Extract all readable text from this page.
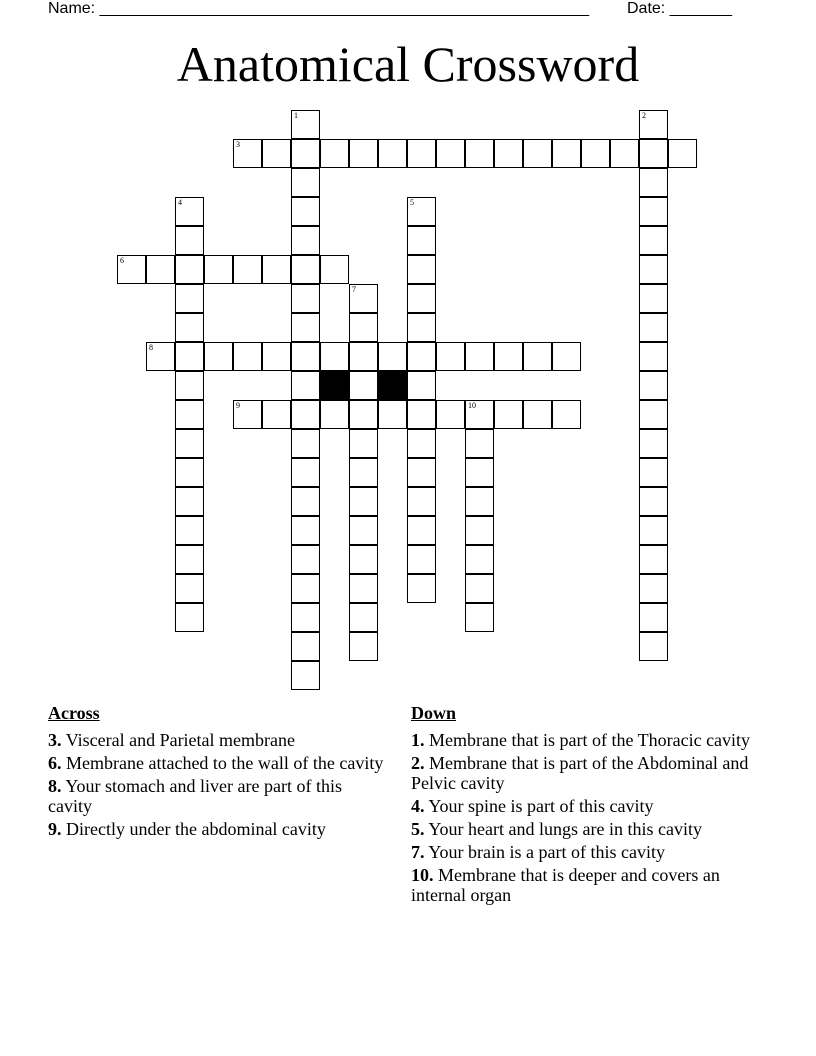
Name: _______________________________________________________ Date: _______
Anatomical Crossword
3
6
8
9	10
1	2
4	5
7
Across
3. Visceral and Parietal membrane
6. Membrane attached to the wall of the cavity
8. Your stomach and liver are part of this cavity
9. Directly under the abdominal cavity
Down
1. Membrane that is part of the Thoracic cavity
2. Membrane that is part of the Abdominal and Pelvic cavity
4. Your spine is part of this cavity
5. Your heart and lungs are in this cavity
7. Your brain is a part of this cavity
10. Membrane that is deeper and covers an internal organ
